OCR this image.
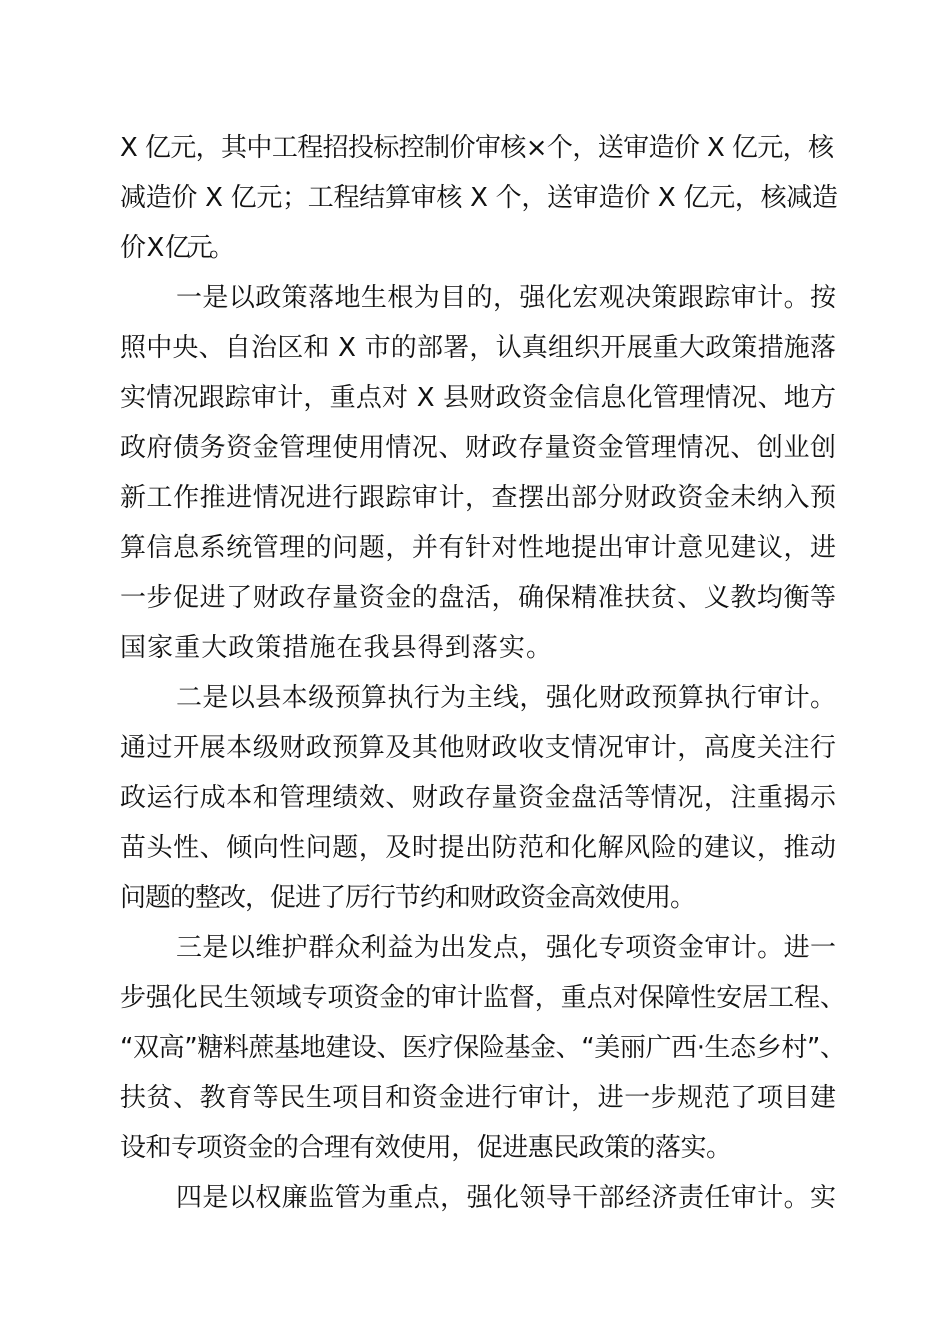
X 亿元，其中工程招投标控制价审核×个，送审造价 X 亿元，核
减造价 X 亿元；工程结算审核 X 个，送审造价 X 亿元，核减造
价 X 亿元。
一是以政策落地生根为目的，强化宏观决策跟踪审计。按
照中央、自治区和 X 市的部署，认真组织开展重大政策措施落
实情况跟踪审计，重点对 X 县财政资金信息化管理情况、地方
政府债务资金管理使用情况、财政存量资金管理情况、创业创
新工作推进情况进行跟踪审计，查摆出部分财政资金未纳入预
算信息系统管理的问题，并有针对性地提出审计意见建议，进
一步促进了财政存量资金的盘活，确保精准扶贫、义教均衡等
国家重大政策措施在我县得到落实。
二是以县本级预算执行为主线，强化财政预算执行审计。
通过开展本级财政预算及其他财政收支情况审计，高度关注行
政运行成本和管理绩效、财政存量资金盘活等情况，注重揭示
苗头性、倾向性问题，及时提出防范和化解风险的建议，推动
问题的整改，促进了厉行节约和财政资金高效使用。
三是以维护群众利益为出发点，强化专项资金审计。进一
步强化民生领域专项资金的审计监督，重点对保障性安居工程、
“双高”糖料蔗基地建设、医疗保险基金、“美丽广西·生态乡村”、
扶贫、教育等民生项目和资金进行审计，进一步规范了项目建
设和专项资金的合理有效使用，促进惠民政策的落实。
四是以权廉监管为重点，强化领导干部经济责任审计。实
